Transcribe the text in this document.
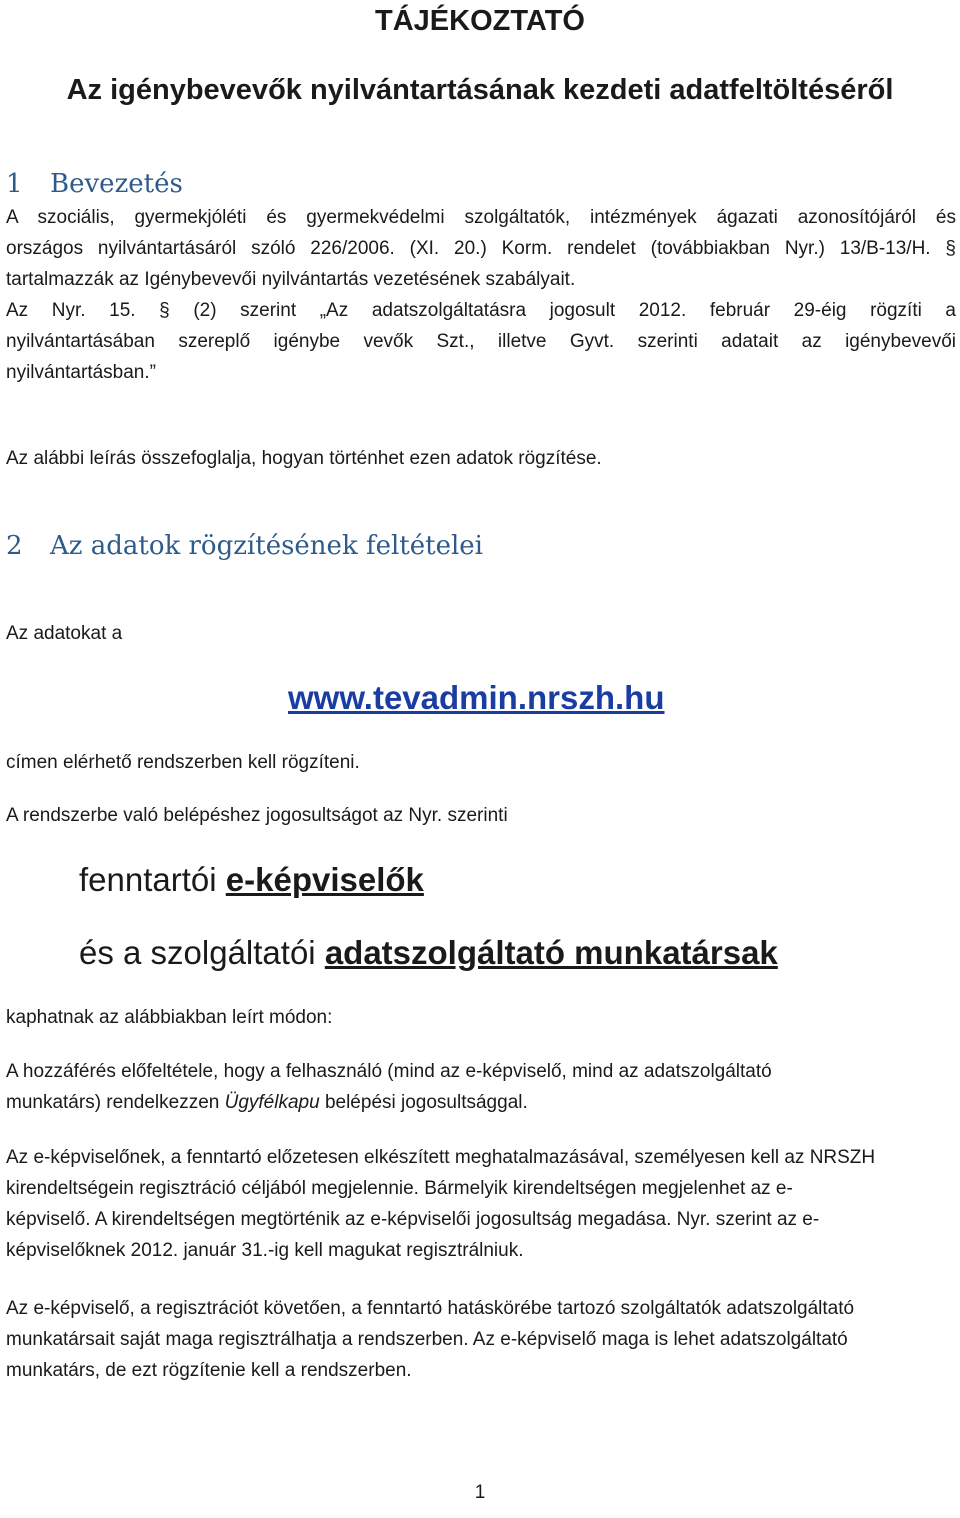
TÁJÉKOZTATÓ
Az igénybevevők nyilvántartásának kezdeti adatfeltöltéséről
1 Bevezetés
A szociális, gyermekjóléti és gyermekvédelmi szolgáltatók, intézmények ágazati azonosítójáról és
országos nyilvántartásáról szóló 226/2006. (XI. 20.) Korm. rendelet (továbbiakban Nyr.) 13/B-13/H. §
tartalmazzák az Igénybevevői nyilvántartás vezetésének szabályait.
Az Nyr. 15. § (2) szerint „Az adatszolgáltatásra jogosult 2012. február 29-éig rögzíti a
nyilvántartásában szereplő igénybe vevők Szt., illetve Gyvt. szerinti adatait az igénybevevői
nyilvántartásban.”
Az alábbi leírás összefoglalja, hogyan történhet ezen adatok rögzítése.
2 Az adatok rögzítésének feltételei
Az adatokat a
www.tevadmin.nrszh.hu
címen elérhető rendszerben kell rögzíteni.
A rendszerbe való belépéshez jogosultságot az Nyr. szerinti
fenntartói e-képviselők
és a szolgáltatói adatszolgáltató munkatársak
kaphatnak az alábbiakban leírt módon:
A hozzáférés előfeltétele, hogy a felhasználó (mind az e-képviselő, mind az adatszolgáltató
munkatárs) rendelkezzen Ügyfélkapu belépési jogosultsággal.
Az e-képviselőnek, a fenntartó előzetesen elkészített meghatalmazásával, személyesen kell az NRSZH
kirendeltségein regisztráció céljából megjelennie. Bármelyik kirendeltségen megjelenhet az e-
képviselő. A kirendeltségen megtörténik az e-képviselői jogosultság megadása. Nyr. szerint az e-
képviselőknek 2012. január 31.-ig kell magukat regisztrálniuk.
Az e-képviselő, a regisztrációt követően, a fenntartó hatáskörébe tartozó szolgáltatók adatszolgáltató
munkatársait saját maga regisztrálhatja a rendszerben. Az e-képviselő maga is lehet adatszolgáltató
munkatárs, de ezt rögzítenie kell a rendszerben.
1
